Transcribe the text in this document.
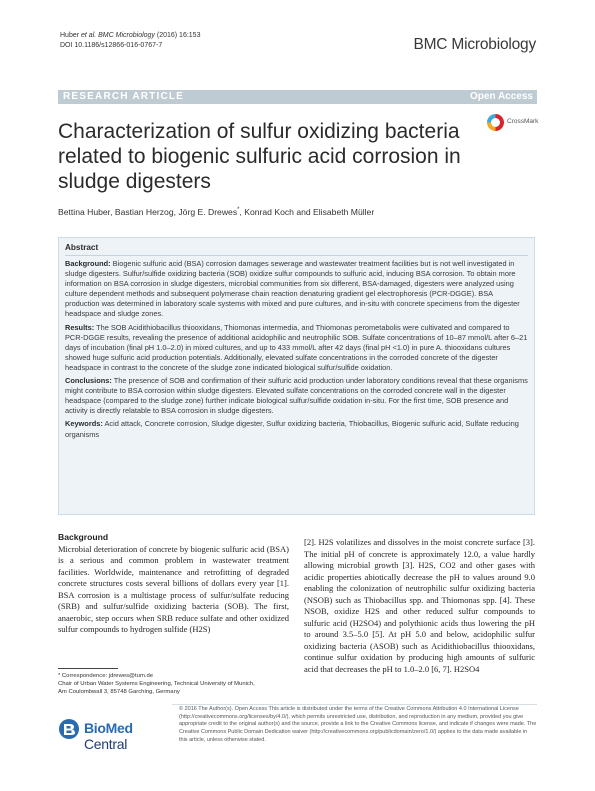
Huber et al. BMC Microbiology (2016) 16:153
DOI 10.1186/s12866-016-0767-7	BMC Microbiology
RESEARCH ARTICLE	Open Access
Characterization of sulfur oxidizing bacteria related to biogenic sulfuric acid corrosion in sludge digesters
CrossMark
Bettina Huber, Bastian Herzog, Jörg E. Drewes*, Konrad Koch and Elisabeth Müller
Abstract

Background: Biogenic sulfuric acid (BSA) corrosion damages sewerage and wastewater treatment facilities but is not well investigated in sludge digesters. Sulfur/sulfide oxidizing bacteria (SOB) oxidize sulfur compounds to sulfuric acid, inducing BSA corrosion. To obtain more information on BSA corrosion in sludge digesters, microbial communities from six different, BSA-damaged, digesters were analyzed using culture dependent methods and subsequent polymerase chain reaction denaturing gradient gel electrophoresis (PCR-DGGE). BSA production was determined in laboratory scale systems with mixed and pure cultures, and in-situ with concrete specimens from the digester headspace and sludge zones.

Results: The SOB Acidithiobacillus thiooxidans, Thiomonas intermedia, and Thiomonas perometabolis were cultivated and compared to PCR-DGGE results, revealing the presence of additional acidophilic and neutrophilic SOB. Sulfate concentrations of 10–87 mmol/L after 6–21 days of incubation (final pH 1.0–2.0) in mixed cultures, and up to 433 mmol/L after 42 days (final pH <1.0) in pure A. thiooxidans cultures showed huge sulfuric acid production potentials. Additionally, elevated sulfate concentrations in the corroded concrete of the digester headspace in contrast to the concrete of the sludge zone indicated biological sulfur/sulfide oxidation.

Conclusions: The presence of SOB and confirmation of their sulfuric acid production under laboratory conditions reveal that these organisms might contribute to BSA corrosion within sludge digesters. Elevated sulfate concentrations on the corroded concrete wall in the digester headspace (compared to the sludge zone) further indicate biological sulfur/sulfide oxidation in-situ. For the first time, SOB presence and activity is directly relatable to BSA corrosion in sludge digesters.

Keywords: Acid attack, Concrete corrosion, Sludge digester, Sulfur oxidizing bacteria, Thiobacillus, Biogenic sulfuric acid, Sulfate reducing organisms

Background

Microbial deterioration of concrete by biogenic sulfuric acid (BSA) is a serious and common problem in wastewater treatment facilities. Worldwide, maintenance and retrofitting of degraded concrete structures costs several billions of dollars every year [1]. BSA corrosion is a multistage process of sulfur/sulfate reducing (SRB) and sulfur/sulfide oxidizing bacteria (SOB). The first, anaerobic, step occurs when SRB reduce sulfate and other oxidized sulfur compounds to hydrogen sulfide (H2S)

[2]. H2S volatilizes and dissolves in the moist concrete surface [3]. The initial pH of concrete is approximately 12.0, a value hardly allowing microbial growth [3]. H2S, CO2 and other gases with acidic properties abiotically decrease the pH to values around 9.0 enabling the colonization of neutrophilic sulfur oxidizing bacteria (NSOB) such as Thiobacillus spp. and Thiomonas spp. [4]. These NSOB, oxidize H2S and other reduced sulfur compounds to sulfuric acid (H2SO4) and polythionic acids thus lowering the pH to around 3.5–5.0 [5]. At pH 5.0 and below, acidophilic sulfur oxidizing bacteria (ASOB) such as Acidithiobacillus thiooxidans, continue sulfur oxidation by producing high amounts of sulfuric acid that decreases the pH to 1.0–2.0 [6, 7]. H2SO4

* Correspondence: jdrewes@tum.de
Chair of Urban Water Systems Engineering, Technical University of Munich,
Am Coulombwall 3, 85748 Garching, Germany
BioMed Central
© 2016 The Author(s). Open Access This article is distributed under the terms of the Creative Commons Attribution 4.0 International License (http://creativecommons.org/licenses/by/4.0/), which permits unrestricted use, distribution, and reproduction in any medium, provided you give appropriate credit to the original author(s) and the source, provide a link to the Creative Commons license, and indicate if changes were made. The Creative Commons Public Domain Dedication waiver (http://creativecommons.org/publicdomain/zero/1.0/) applies to the data made available in this article, unless otherwise stated.
